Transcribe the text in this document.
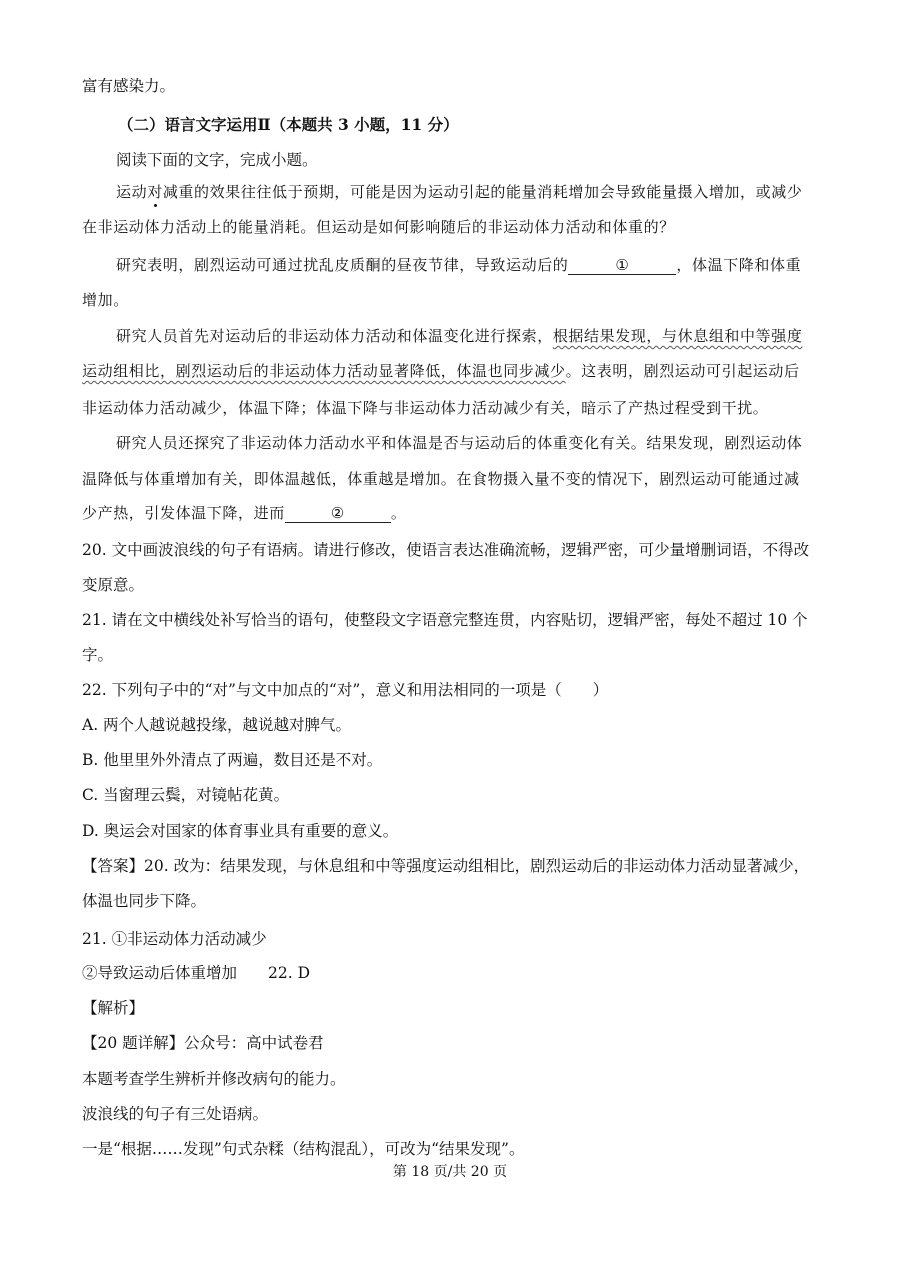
富有感染力。
（二）语言文字运用Ⅱ（本题共 3 小题，11 分）
阅读下面的文字，完成小题。
运动对减重的效果往往低于预期，可能是因为运动引起的能量消耗增加会导致能量摄入增加，或减少
在非运动体力活动上的能量消耗。但运动是如何影响随后的非运动体力活动和体重的？
研究表明，剧烈运动可通过扰乱皮质酮的昼夜节律，导致运动后的	①	，体温下降和体重
增加。
研究人员首先对运动后的非运动体力活动和体温变化进行探索，根据结果发现，与休息组和中等强度
运动组相比，剧烈运动后的非运动体力活动显著降低，体温也同步减少。这表明，剧烈运动可引起运动后
非运动体力活动减少，体温下降；体温下降与非运动体力活动减少有关，暗示了产热过程受到干扰。
研究人员还探究了非运动体力活动水平和体温是否与运动后的体重变化有关。结果发现，剧烈运动体
温降低与体重增加有关，即体温越低，体重越是增加。在食物摄入量不变的情况下，剧烈运动可能通过减
少产热，引发体温下降，进而	②	。
20. 文中画波浪线的句子有语病。请进行修改，使语言表达准确流畅，逻辑严密，可少量增删词语，不得改
变原意。
21. 请在文中横线处补写恰当的语句，使整段文字语意完整连贯，内容贴切，逻辑严密，每处不超过 10 个
字。
22. 下列句子中的“对”与文中加点的“对”，意义和用法相同的一项是（　　）
A. 两个人越说越投缘，越说越对脾气。
B. 他里里外外清点了两遍，数目还是不对。
C. 当窗理云鬓，对镜帖花黄。
D. 奥运会对国家的体育事业具有重要的意义。
【答案】20. 改为：结果发现，与休息组和中等强度运动组相比，剧烈运动后的非运动体力活动显著减少，
体温也同步下降。
21. ①非运动体力活动减少
②导致运动后体重增加　　22. D
【解析】
【20 题详解】公众号：高中试卷君
本题考查学生辨析并修改病句的能力。
波浪线的句子有三处语病。
一是“根据……发现”句式杂糅（结构混乱），可改为“结果发现”。
第 18 页/共 20 页
